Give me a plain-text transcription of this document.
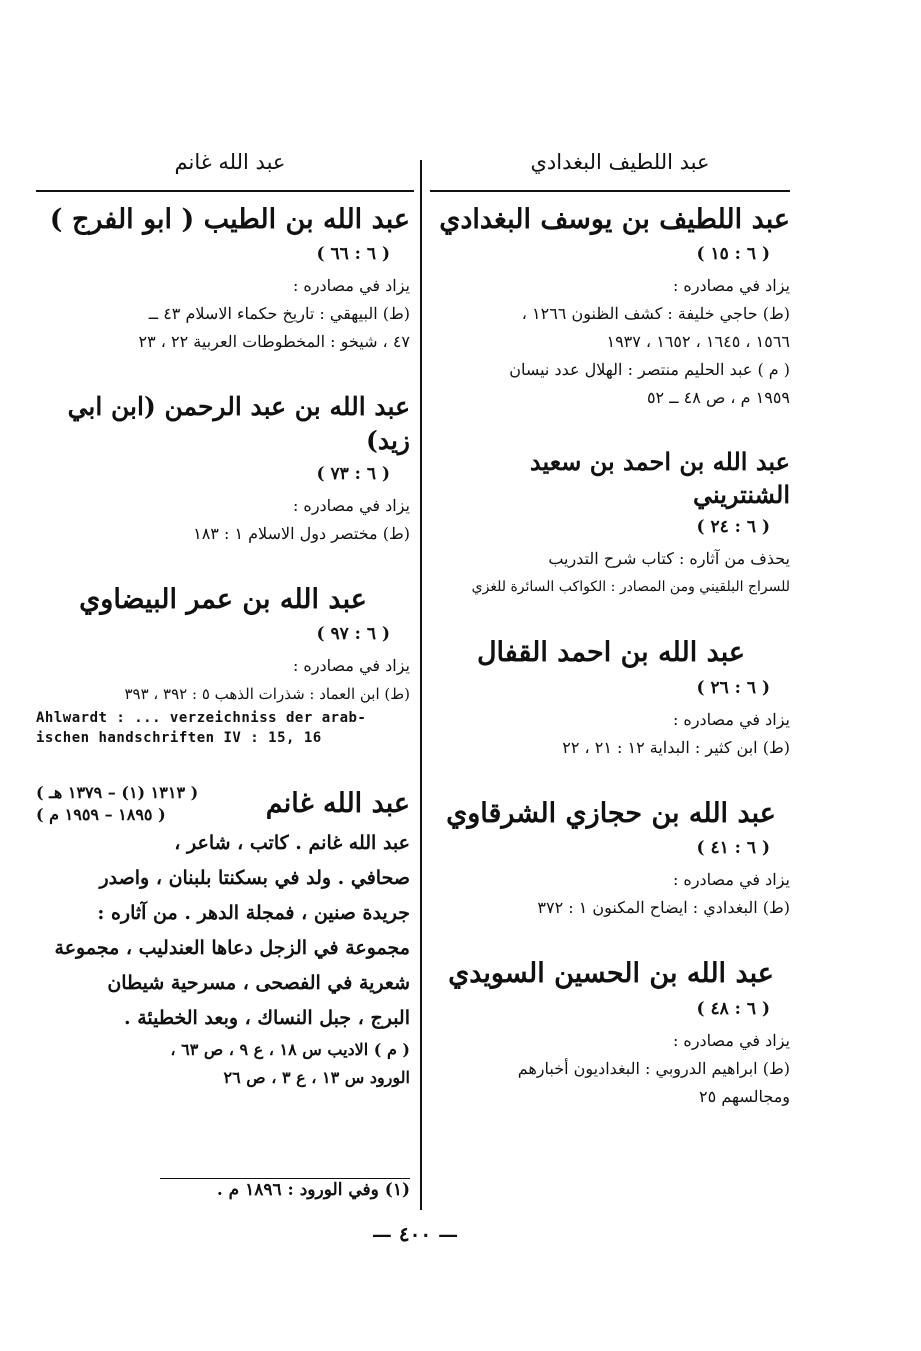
عبد اللطيف البغدادي
عبد الله غانم
عبد اللطيف بن يوسف البغدادي
( ٦ : ١٥ )

يزاد في مصادره :

(ط) حاجي خليفة : كشف الظنون ١٢٦٦ ،

١٥٦٦ ، ١٦٤٥ ، ١٦٥٢ ، ١٩٣٧

( م ) عبد الحليم منتصر : الهلال عدد نيسان

١٩٥٩ م ، ص ٤٨ ــ ٥٢

عبد الله بن احمد بن سعيد الشنتريني
( ٦ : ٢٤ )

يحذف من آثاره : كتاب شرح التدريب

للسراج البلقيني ومن المصادر : الكواكب السائرة للغزي

عبد الله بن احمد القفال
( ٦ : ٢٦ )

يزاد في مصادره :

(ط) ابن كثير : البداية ١٢ : ٢١ ، ٢٢

عبد الله بن حجازي الشرقاوي
( ٦ : ٤١ )

يزاد في مصادره :

(ط) البغدادي : ايضاح المكنون ١ : ٣٧٢

عبد الله بن الحسين السويدي
( ٦ : ٤٨ )

يزاد في مصادره :

(ط) ابراهيم الدروبي : البغداديون أخبارهم

ومجالسهم ٢٥

عبد الله بن الطيب ( ابو الفرج )
( ٦ : ٦٦ )

يزاد في مصادره :

(ط) البيهقي : تاريخ حكماء الاسلام ٤٣ ــ

٤٧ ، شيخو : المخطوطات العربية ٢٢ ، ٢٣

عبد الله بن عبد الرحمن (ابن ابي زيد)
( ٦ : ٧٣ )

يزاد في مصادره :

(ط) مختصر دول الاسلام ١ : ١٨٣

عبد الله بن عمر البيضاوي
( ٦ : ٩٧ )

يزاد في مصادره :

(ط) ابن العماد : شذرات الذهب ٥ : ٣٩٢ ، ٣٩٣

Ahlwardt : ... verzeichniss der arab-

ischen handschriften IV : 15, 16

عبد الله غانم
( ١٣١٣ (١) – ١٣٧٩ هـ )
( ١٨٩٥ – ١٩٥٩ م )

عبد الله غانم . كاتب ، شاعر ،

صحافي . ولد في بسكنتا بلبنان ، واصدر

جريدة صنين ، فمجلة الدهر . من آثاره :

مجموعة في الزجل دعاها العندليب ، مجموعة

شعرية في الفصحى ، مسرحية شيطان

البرج ، جبل النساك ، وبعد الخطيئة .

( م ) الاديب س ١٨ ، ع ٩ ، ص ٦٣ ،

الورود س ١٣ ، ع ٣ ، ص ٢٦

(١) وفي الورود : ١٨٩٦ م .
— ٤٠٠ —
